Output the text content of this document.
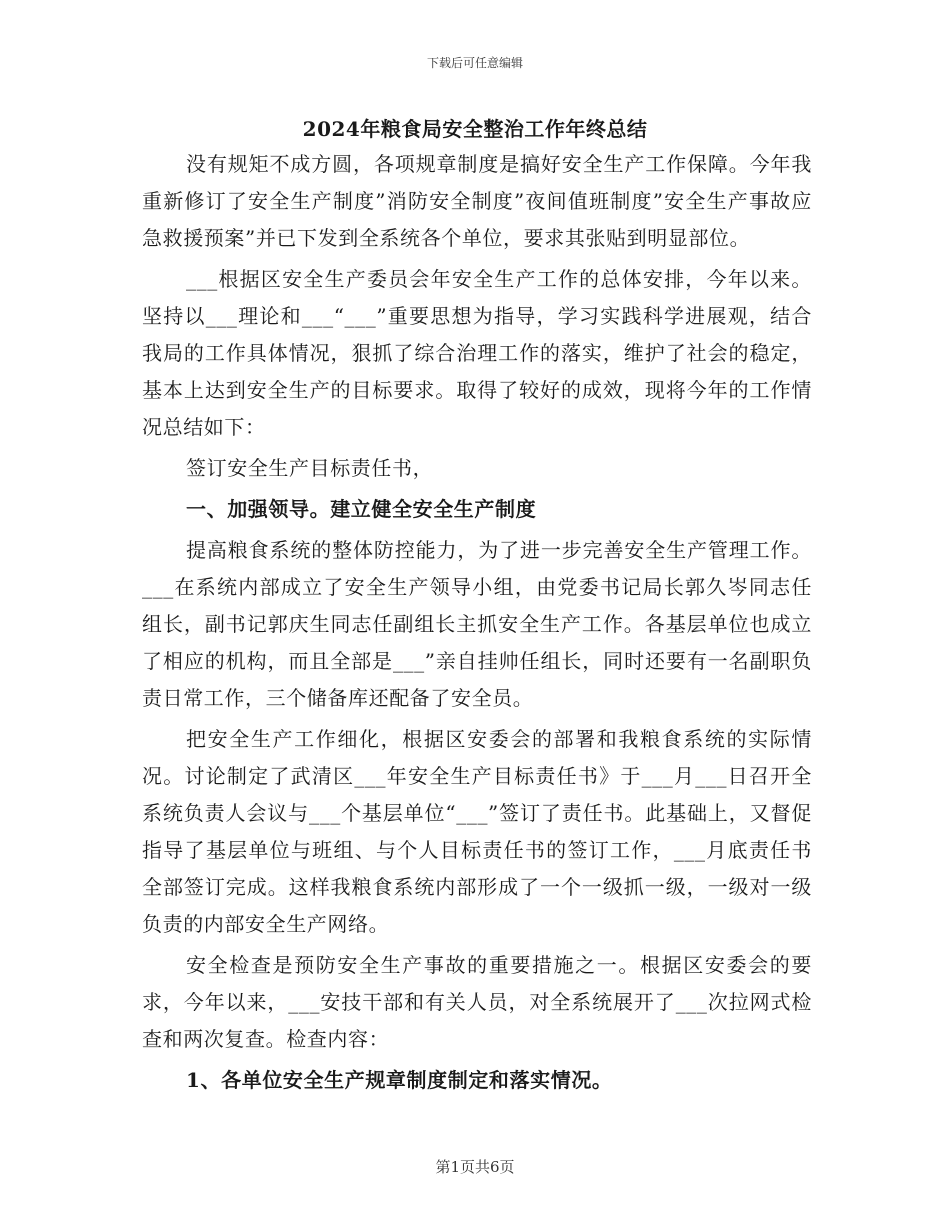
下载后可任意编辑
2024年粮食局安全整治工作年终总结

没有规矩不成方圆，各项规章制度是搞好安全生产工作保障。今年我重新修订了安全生产制度”消防安全制度”夜间值班制度”安全生产事故应急救援预案”并已下发到全系统各个单位，要求其张贴到明显部位。

___根据区安全生产委员会年安全生产工作的总体安排，今年以来。坚持以___理论和___“___”重要思想为指导，学习实践科学进展观，结合我局的工作具体情况，狠抓了综合治理工作的落实，维护了社会的稳定，基本上达到安全生产的目标要求。取得了较好的成效，现将今年的工作情况总结如下：

签订安全生产目标责任书，

一、加强领导。建立健全安全生产制度

提高粮食系统的整体防控能力，为了进一步完善安全生产管理工作。___在系统内部成立了安全生产领导小组，由党委书记局长郭久岑同志任组长，副书记郭庆生同志任副组长主抓安全生产工作。各基层单位也成立了相应的机构，而且全部是___”亲自挂帅任组长，同时还要有一名副职负责日常工作，三个储备库还配备了安全员。

把安全生产工作细化，根据区安委会的部署和我粮食系统的实际情况。讨论制定了武清区___年安全生产目标责任书》于___月___日召开全系统负责人会议与___个基层单位“___”签订了责任书。此基础上，又督促指导了基层单位与班组、与个人目标责任书的签订工作，___月底责任书全部签订完成。这样我粮食系统内部形成了一个一级抓一级，一级对一级负责的内部安全生产网络。

安全检查是预防安全生产事故的重要措施之一。根据区安委会的要求，今年以来，___安技干部和有关人员，对全系统展开了___次拉网式检查和两次复查。检查内容：

1、各单位安全生产规章制度制定和落实情况。

第1页共6页
